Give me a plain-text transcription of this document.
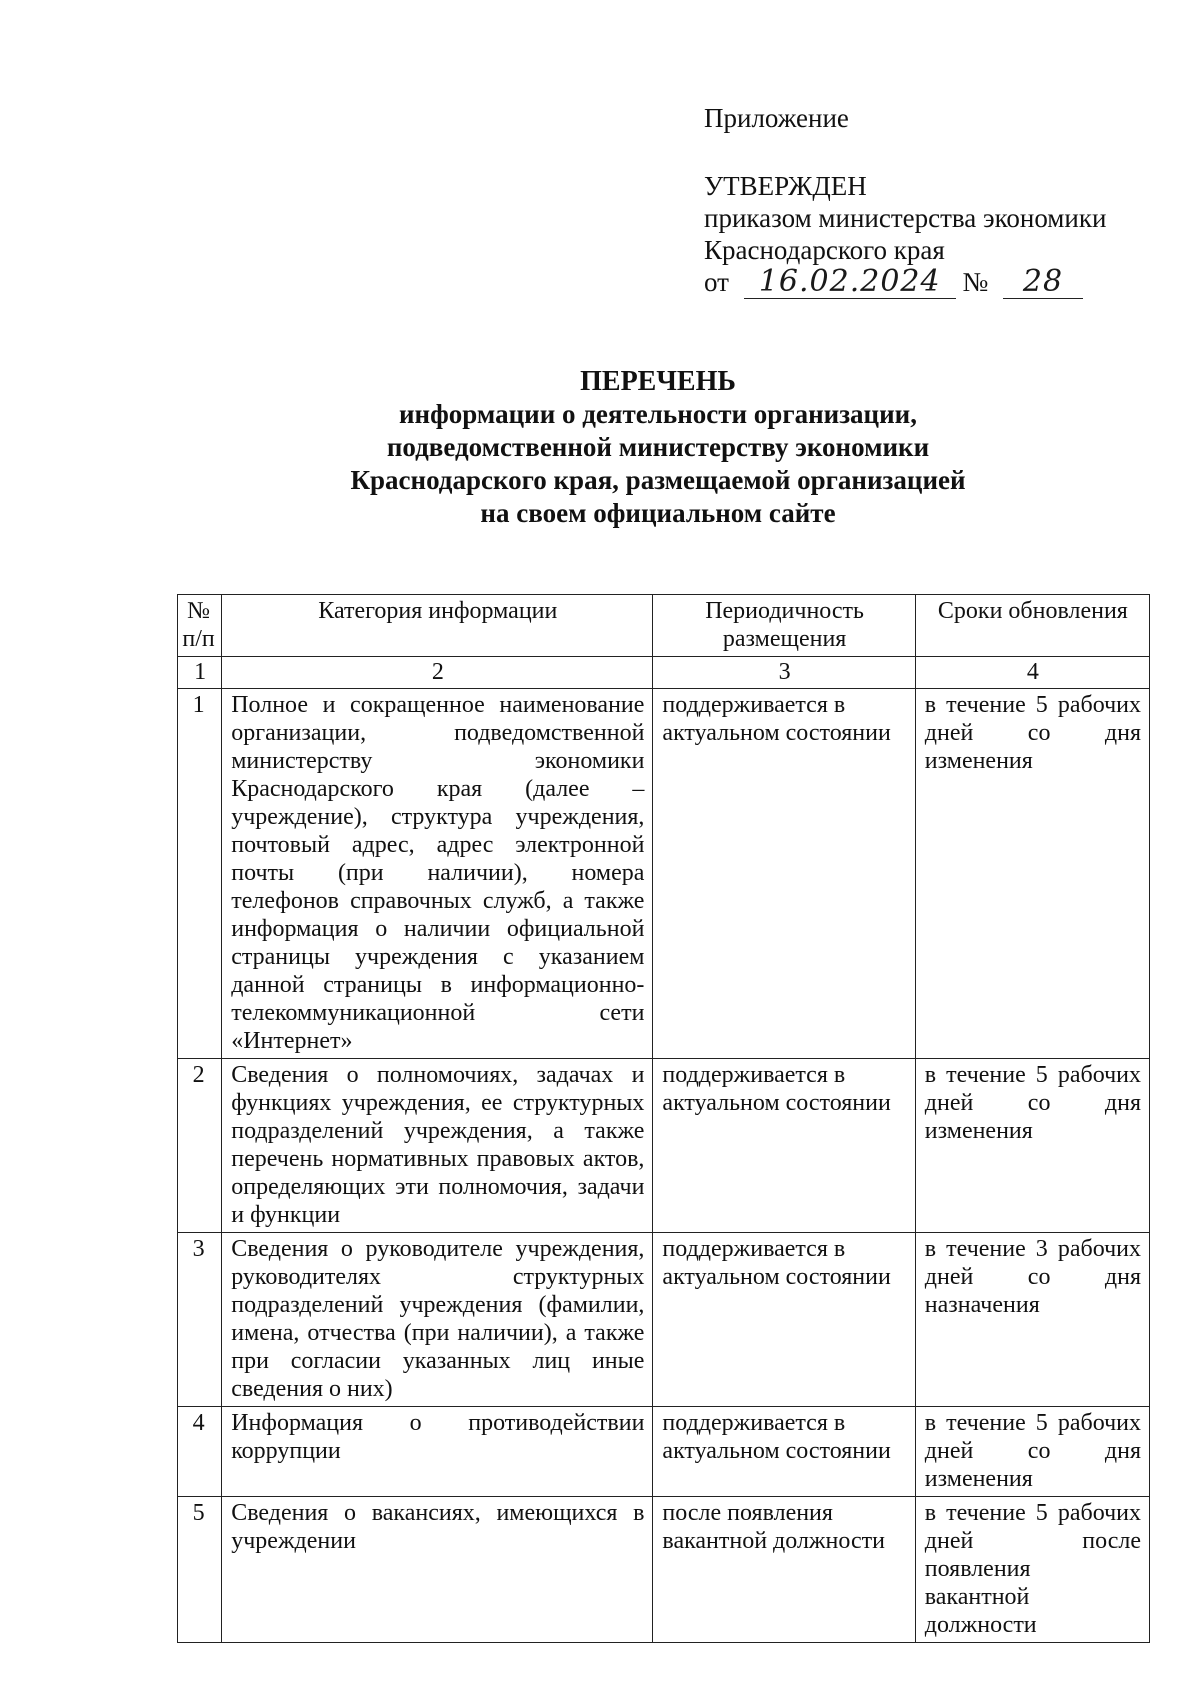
Приложение
УТВЕРЖДЕН
приказом министерства экономики
Краснодарского края
от 16.02.2024 № 28
ПЕРЕЧЕНЬ
информации о деятельности организации,
подведомственной министерству экономики
Краснодарского края, размещаемой организацией
на своем официальном сайте
№ п/п	Категория информации	Периодичность размещения	Сроки обновления
1	2	3	4
1	Полное и сокращенное наименование организации, подведомственной министерству экономики Краснодарского края (далее – учреждение), структура учреждения, почтовый адрес, адрес электронной почты (при наличии), номера телефонов справочных служб, а также информация о наличии официальной страницы учреждения с указанием данной страницы в информационно-телекоммуникационной сети «Интернет»	поддерживается в актуальном состоянии	в течение 5 рабочих дней со дня изменения
2	Сведения о полномочиях, задачах и функциях учреждения, ее структурных подразделений учреждения, а также перечень нормативных правовых актов, определяющих эти полномочия, задачи и функции	поддерживается в актуальном состоянии	в течение 5 рабочих дней со дня изменения
3	Сведения о руководителе учреждения, руководителях структурных подразделений учреждения (фамилии, имена, отчества (при наличии), а также при согласии указанных лиц иные сведения о них)	поддерживается в актуальном состоянии	в течение 3 рабочих дней со дня назначения
4	Информация о противодействии коррупции	поддерживается в актуальном состоянии	в течение 5 рабочих дней со дня изменения
5	Сведения о вакансиях, имеющихся в учреждении	после появления вакантной должности	в течение 5 рабочих дней после появления вакантной должности
